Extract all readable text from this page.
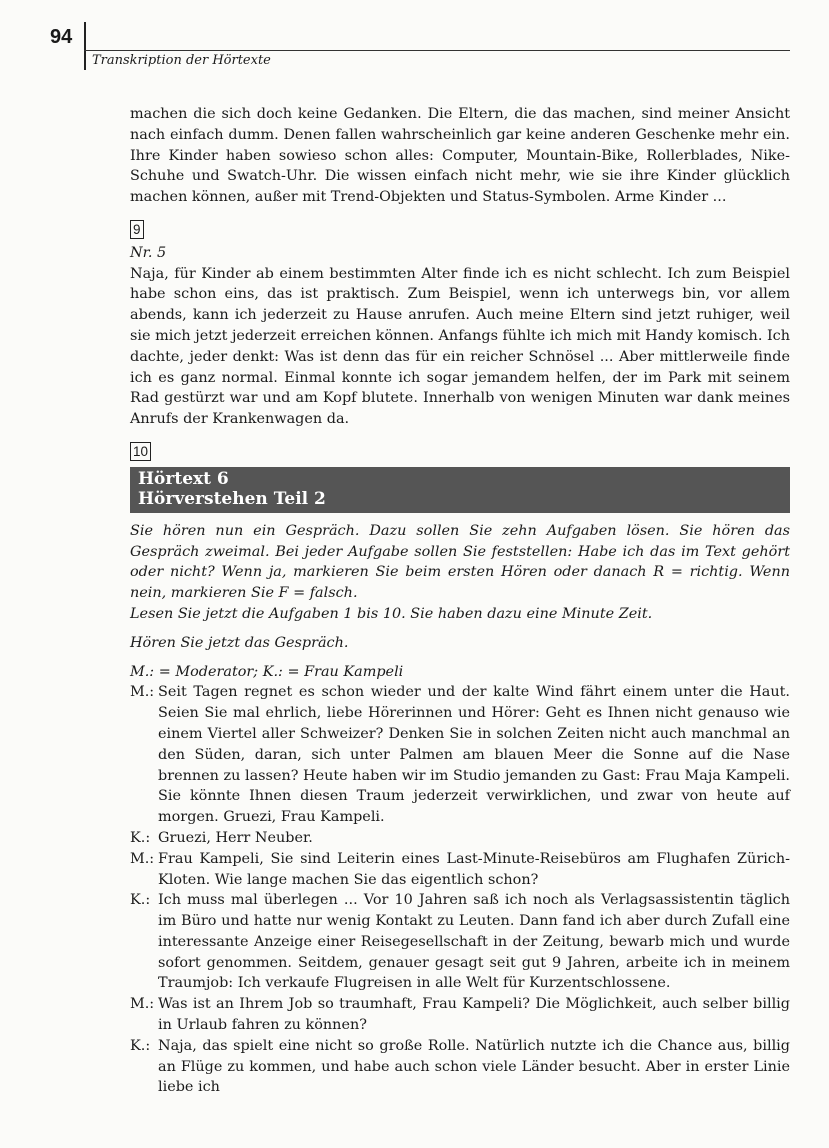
94
Transkription der Hörtexte

machen die sich doch keine Gedanken. Die Eltern, die das machen, sind meiner Ansicht nach einfach dumm. Denen fallen wahrscheinlich gar keine anderen Geschenke mehr ein. Ihre Kinder haben sowieso schon alles: Computer, Mountain-Bike, Rollerblades, Nike-Schuhe und Swatch-Uhr. Die wissen einfach nicht mehr, wie sie ihre Kinder glücklich machen können, außer mit Trend-Objekten und Status-Symbolen. Arme Kinder ...

9
Nr. 5

Naja, für Kinder ab einem bestimmten Alter finde ich es nicht schlecht. Ich zum Beispiel habe schon eins, das ist praktisch. Zum Beispiel, wenn ich unterwegs bin, vor allem abends, kann ich jederzeit zu Hause anrufen. Auch meine Eltern sind jetzt ruhiger, weil sie mich jetzt jederzeit erreichen können. Anfangs fühlte ich mich mit Handy komisch. Ich dachte, jeder denkt: Was ist denn das für ein reicher Schnösel ... Aber mittlerweile finde ich es ganz normal. Einmal konnte ich sogar jemandem helfen, der im Park mit seinem Rad gestürzt war und am Kopf blutete. Innerhalb von wenigen Minuten war dank meines Anrufs der Krankenwagen da.

10
Hörtext 6
Hörverstehen Teil 2

Sie hören nun ein Gespräch. Dazu sollen Sie zehn Aufgaben lösen. Sie hören das Gespräch zweimal. Bei jeder Aufgabe sollen Sie feststellen: Habe ich das im Text gehört oder nicht? Wenn ja, markieren Sie beim ersten Hören oder danach R = richtig. Wenn nein, markieren Sie F = falsch.

Lesen Sie jetzt die Aufgaben 1 bis 10. Sie haben dazu eine Minute Zeit.

Hören Sie jetzt das Gespräch.

M.: = Moderator; K.: = Frau Kampeli

M.: Seit Tagen regnet es schon wieder und der kalte Wind fährt einem unter die Haut. Seien Sie mal ehrlich, liebe Hörerinnen und Hörer: Geht es Ihnen nicht genauso wie einem Viertel aller Schweizer? Denken Sie in solchen Zeiten nicht auch manchmal an den Süden, daran, sich unter Palmen am blauen Meer die Sonne auf die Nase brennen zu lassen? Heute haben wir im Studio jemanden zu Gast: Frau Maja Kampeli. Sie könnte Ihnen diesen Traum jederzeit verwirklichen, und zwar von heute auf morgen. Gruezi, Frau Kampeli.
K.: Gruezi, Herr Neuber.
M.: Frau Kampeli, Sie sind Leiterin eines Last-Minute-Reisebüros am Flughafen Zürich-Kloten. Wie lange machen Sie das eigentlich schon?
K.: Ich muss mal überlegen ... Vor 10 Jahren saß ich noch als Verlagsassistentin täglich im Büro und hatte nur wenig Kontakt zu Leuten. Dann fand ich aber durch Zufall eine interessante Anzeige einer Reisegesellschaft in der Zeitung, bewarb mich und wurde sofort genommen. Seitdem, genauer gesagt seit gut 9 Jahren, arbeite ich in meinem Traumjob: Ich verkaufe Flugreisen in alle Welt für Kurzentschlossene.
M.: Was ist an Ihrem Job so traumhaft, Frau Kampeli? Die Möglichkeit, auch selber billig in Urlaub fahren zu können?
K.: Naja, das spielt eine nicht so große Rolle. Natürlich nutzte ich die Chance aus, billig an Flüge zu kommen, und habe auch schon viele Länder besucht. Aber in erster Linie liebe ich
